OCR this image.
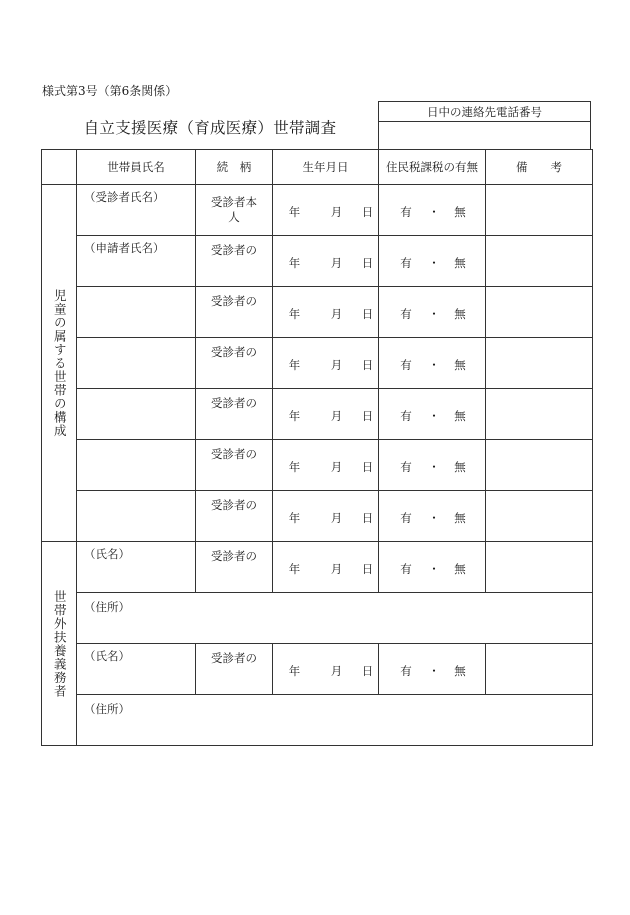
様式第3号（第6条関係）
自立支援医療（育成医療）世帯調査
日中の連絡先電話番号
	世帯員氏名	続　柄	生年月日	住民税課税の有無	備　　考

児童の属する世帯の構成	（受診者氏名）	受診者本　人	年 月 日	有 ・ 無	

	（申請者氏名）	受診者の	年 月 日	有 ・ 無	

		受診者の	年 月 日	有 ・ 無	

		受診者の	年 月 日	有 ・ 無	

		受診者の	年 月 日	有 ・ 無	

		受診者の	年 月 日	有 ・ 無	

		受診者の	年 月 日	有 ・ 無	

世帯外扶養義務者	（氏名）	受診者の	年 月 日	有 ・ 無	

	（住所）				

	（氏名）	受診者の	年 月 日	有 ・ 無	

	（住所）				
